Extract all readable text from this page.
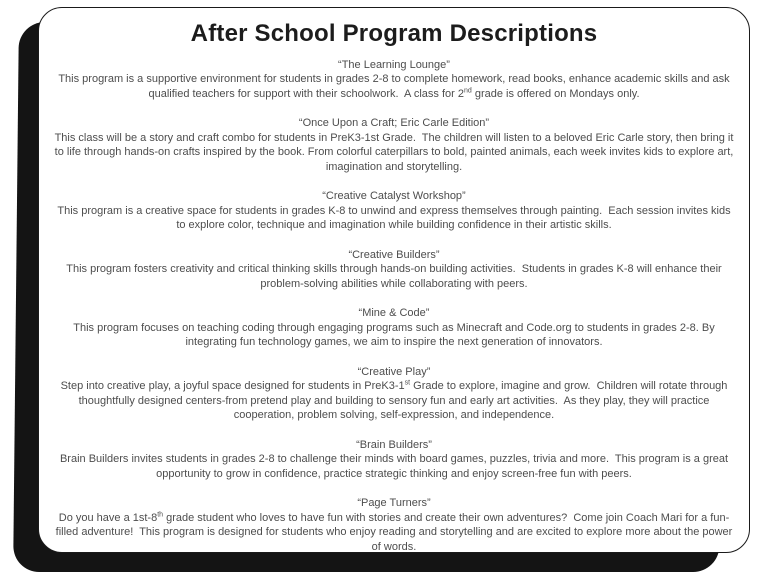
After School Program Descriptions
“The Learning Lounge”
This program is a supportive environment for students in grades 2-8 to complete homework, read books, enhance academic skills and ask qualified teachers for support with their schoolwork.  A class for 2nd grade is offered on Mondays only.
“Once Upon a Craft; Eric Carle Edition”
This class will be a story and craft combo for students in PreK3-1st Grade.  The children will listen to a beloved Eric Carle story, then bring it to life through hands-on crafts inspired by the book. From colorful caterpillars to bold, painted animals, each week invites kids to explore art, imagination and storytelling.
“Creative Catalyst Workshop”
This program is a creative space for students in grades K-8 to unwind and express themselves through painting.  Each session invites kids to explore color, technique and imagination while building confidence in their artistic skills.
“Creative Builders”
This program fosters creativity and critical thinking skills through hands-on building activities.  Students in grades K-8 will enhance their problem-solving abilities while collaborating with peers.
“Mine & Code”
This program focuses on teaching coding through engaging programs such as Minecraft and Code.org to students in grades 2-8. By integrating fun technology games, we aim to inspire the next generation of innovators.
“Creative Play”
Step into creative play, a joyful space designed for students in PreK3-1st Grade to explore, imagine and grow.  Children will rotate through thoughtfully designed centers-from pretend play and building to sensory fun and early art activities.  As they play, they will practice cooperation, problem solving, self-expression, and independence.
“Brain Builders”
Brain Builders invites students in grades 2-8 to challenge their minds with board games, puzzles, trivia and more.  This program is a great opportunity to grow in confidence, practice strategic thinking and enjoy screen-free fun with peers.
“Page Turners”
Do you have a 1st-8th grade student who loves to have fun with stories and create their own adventures?  Come join Coach Mari for a fun-filled adventure!  This program is designed for students who enjoy reading and storytelling and are excited to explore more about the power of words.
